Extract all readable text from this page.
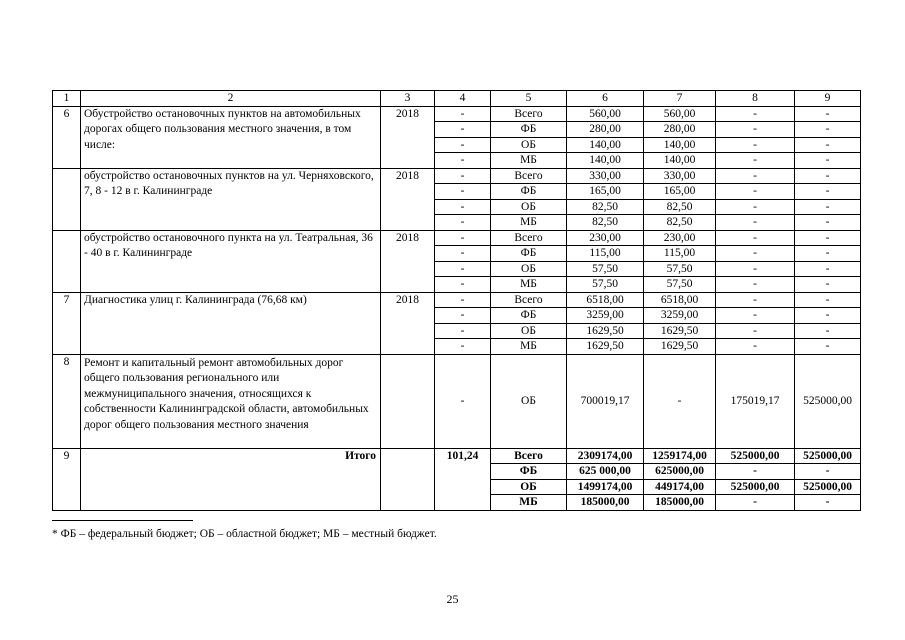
1	2	3	4	5	6	7	8	9
6	Обустройство остановочных пунктов на автомобильных дорогах общего пользования местного значения, в том числе:	2018	-	Всего	560,00	560,00	-	-
			-	ФБ	280,00	280,00	-	-
			-	ОБ	140,00	140,00	-	-
			-	МБ	140,00	140,00	-	-
	обустройство остановочных пунктов на ул. Черняховского, 7, 8 - 12 в г. Калининграде	2018	-	Всего	330,00	330,00	-	-
			-	ФБ	165,00	165,00	-	-
			-	ОБ	82,50	82,50	-	-
			-	МБ	82,50	82,50	-	-
	обустройство остановочного пункта на ул. Театральная, 36 - 40 в г. Калининграде	2018	-	Всего	230,00	230,00	-	-
			-	ФБ	115,00	115,00	-	-
			-	ОБ	57,50	57,50	-	-
			-	МБ	57,50	57,50	-	-
7	Диагностика улиц г. Калининграда (76,68 км)	2018	-	Всего	6518,00	6518,00	-	-
			-	ФБ	3259,00	3259,00	-	-
			-	ОБ	1629,50	1629,50	-	-
			-	МБ	1629,50	1629,50	-	-
8	Ремонт и капитальный ремонт автомобильных дорог общего пользования регионального или межмуниципального значения, относящихся к собственности Калининградской области, автомобильных дорог общего пользования местного значения		-	ОБ	700019,17	-	175019,17	525000,00
9	Итого		101,24	Всего	2309174,00	1259174,00	525000,00	525000,00
				ФБ	625 000,00	625000,00	-	-
				ОБ	1499174,00	449174,00	525000,00	525000,00
				МБ	185000,00	185000,00	-	-
* ФБ – федеральный бюджет; ОБ – областной бюджет; МБ – местный бюджет.
25
